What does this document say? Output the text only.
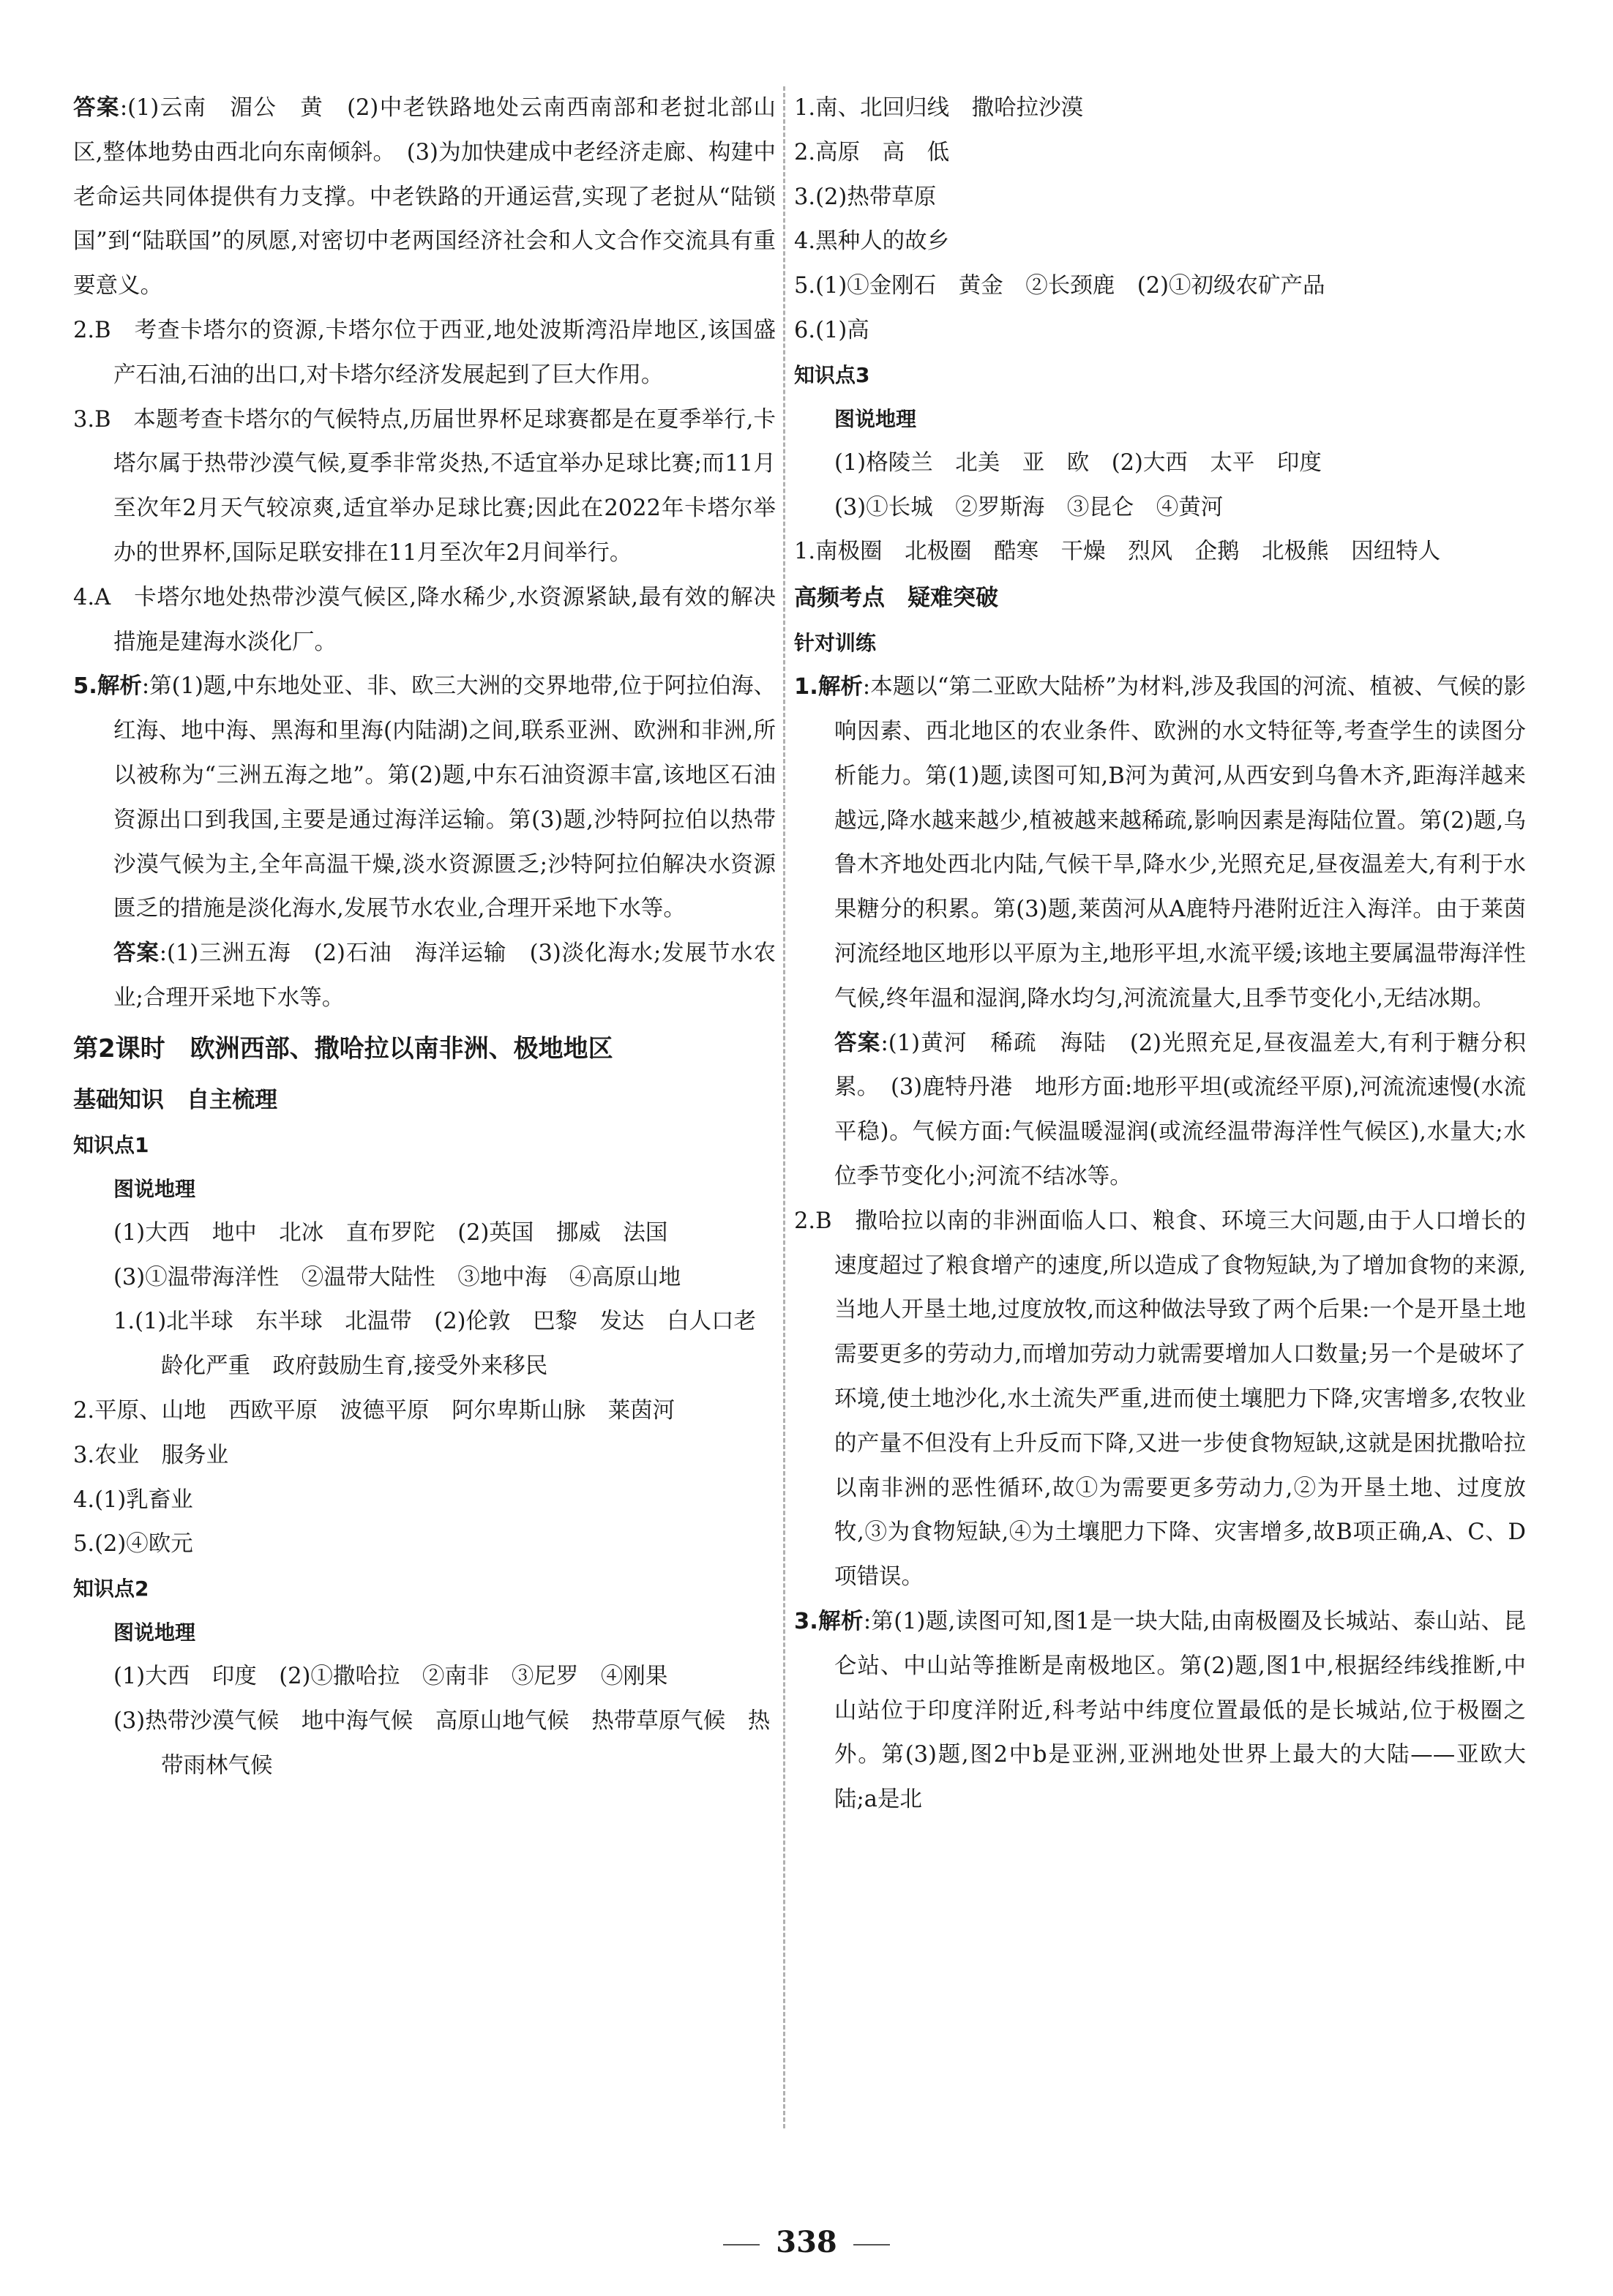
答案:(1)云南　湄公　黄　(2)中老铁路地处云南西南部和老挝北部山区,整体地势由西北向东南倾斜。　(3)为加快建成中老经济走廊、构建中老命运共同体提供有力支撑。中老铁路的开通运营,实现了老挝从“陆锁国”到“陆联国”的夙愿,对密切中老两国经济社会和人文合作交流具有重要意义。

2.B　考查卡塔尔的资源,卡塔尔位于西亚,地处波斯湾沿岸地区,该国盛产石油,石油的出口,对卡塔尔经济发展起到了巨大作用。

3.B　本题考查卡塔尔的气候特点,历届世界杯足球赛都是在夏季举行,卡塔尔属于热带沙漠气候,夏季非常炎热,不适宜举办足球比赛;而11月至次年2月天气较凉爽,适宜举办足球比赛;因此在2022年卡塔尔举办的世界杯,国际足联安排在11月至次年2月间举行。

4.A　卡塔尔地处热带沙漠气候区,降水稀少,水资源紧缺,最有效的解决措施是建海水淡化厂。

5.解析:第(1)题,中东地处亚、非、欧三大洲的交界地带,位于阿拉伯海、红海、地中海、黑海和里海(内陆湖)之间,联系亚洲、欧洲和非洲,所以被称为“三洲五海之地”。第(2)题,中东石油资源丰富,该地区石油资源出口到我国,主要是通过海洋运输。第(3)题,沙特阿拉伯以热带沙漠气候为主,全年高温干燥,淡水资源匮乏;沙特阿拉伯解决水资源匮乏的措施是淡化海水,发展节水农业,合理开采地下水等。

答案:(1)三洲五海　(2)石油　海洋运输　(3)淡化海水;发展节水农业;合理开采地下水等。

第2课时　欧洲西部、撒哈拉以南非洲、极地地区

基础知识　自主梳理

知识点1

图说地理

(1)大西　地中　北冰　直布罗陀　(2)英国　挪威　法国

(3)①温带海洋性　②温带大陆性　③地中海　④高原山地

1.(1)北半球　东半球　北温带　(2)伦敦　巴黎　发达　白人口老龄化严重　政府鼓励生育,接受外来移民

2.平原、山地　西欧平原　波德平原　阿尔卑斯山脉　莱茵河

3.农业　服务业

4.(1)乳畜业

5.(2)④欧元

知识点2

图说地理

(1)大西　印度　(2)①撒哈拉　②南非　③尼罗　④刚果

(3)热带沙漠气候　地中海气候　高原山地气候　热带草原气候　热带雨林气候

1.南、北回归线　撒哈拉沙漠

2.高原　高　低

3.(2)热带草原

4.黑种人的故乡

5.(1)①金刚石　黄金　②长颈鹿　(2)①初级农矿产品

6.(1)高

知识点3

图说地理

(1)格陵兰　北美　亚　欧　(2)大西　太平　印度

(3)①长城　②罗斯海　③昆仑　④黄河

1.南极圈　北极圈　酷寒　干燥　烈风　企鹅　北极熊　因纽特人

高频考点　疑难突破

针对训练

1.解析:本题以“第二亚欧大陆桥”为材料,涉及我国的河流、植被、气候的影响因素、西北地区的农业条件、欧洲的水文特征等,考查学生的读图分析能力。第(1)题,读图可知,B河为黄河,从西安到乌鲁木齐,距海洋越来越远,降水越来越少,植被越来越稀疏,影响因素是海陆位置。第(2)题,乌鲁木齐地处西北内陆,气候干旱,降水少,光照充足,昼夜温差大,有利于水果糖分的积累。第(3)题,莱茵河从A鹿特丹港附近注入海洋。由于莱茵河流经地区地形以平原为主,地形平坦,水流平缓;该地主要属温带海洋性气候,终年温和湿润,降水均匀,河流流量大,且季节变化小,无结冰期。

答案:(1)黄河　稀疏　海陆　(2)光照充足,昼夜温差大,有利于糖分积累。　(3)鹿特丹港　地形方面:地形平坦(或流经平原),河流流速慢(水流平稳)。气候方面:气候温暖湿润(或流经温带海洋性气候区),水量大;水位季节变化小;河流不结冰等。

2.B　撒哈拉以南的非洲面临人口、粮食、环境三大问题,由于人口增长的速度超过了粮食增产的速度,所以造成了食物短缺,为了增加食物的来源,当地人开垦土地,过度放牧,而这种做法导致了两个后果:一个是开垦土地需要更多的劳动力,而增加劳动力就需要增加人口数量;另一个是破坏了环境,使土地沙化,水土流失严重,进而使土壤肥力下降,灾害增多,农牧业的产量不但没有上升反而下降,又进一步使食物短缺,这就是困扰撒哈拉以南非洲的恶性循环,故①为需要更多劳动力,②为开垦土地、过度放牧,③为食物短缺,④为土壤肥力下降、灾害增多,故B项正确,A、C、D项错误。

3.解析:第(1)题,读图可知,图1是一块大陆,由南极圈及长城站、泰山站、昆仑站、中山站等推断是南极地区。第(2)题,图1中,根据经纬线推断,中山站位于印度洋附近,科考站中纬度位置最低的是长城站,位于极圈之外。第(3)题,图2中b是亚洲,亚洲地处世界上最大的大陆——亚欧大陆;a是北

338
